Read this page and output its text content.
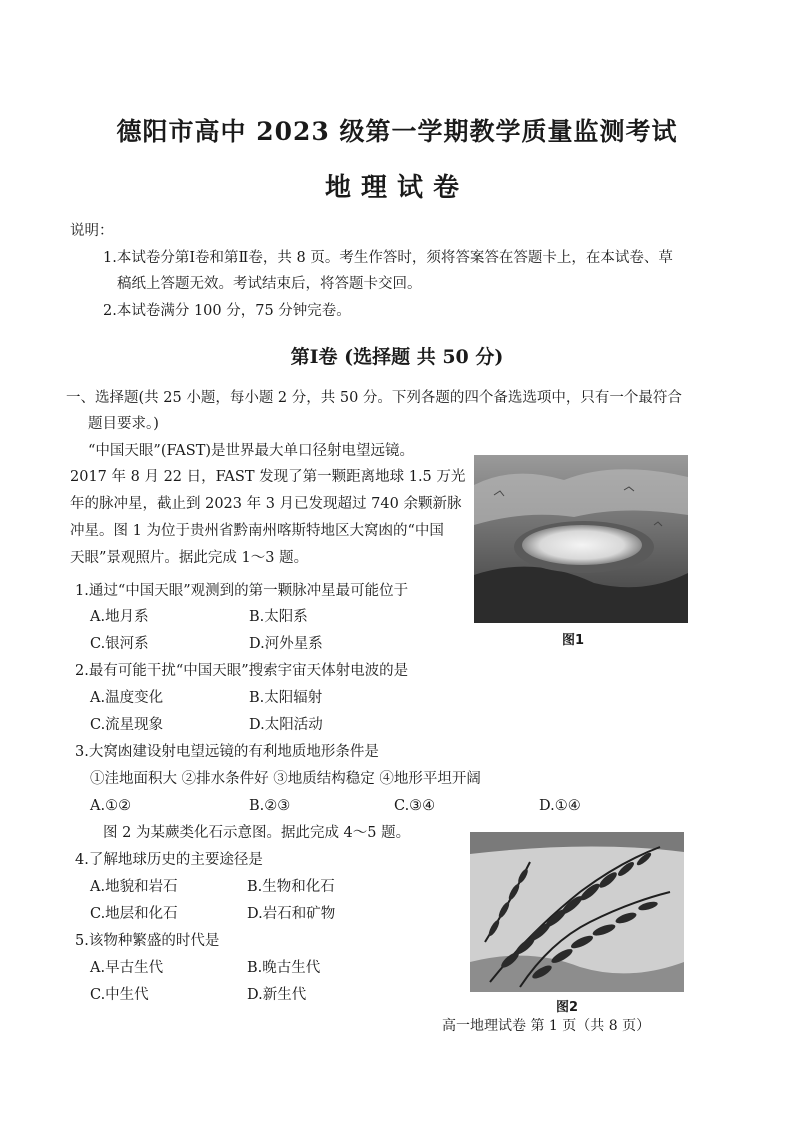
德阳市高中 2023 级第一学期教学质量监测考试
地理试卷
说明：
1.本试卷分第Ⅰ卷和第Ⅱ卷，共 8 页。考生作答时，须将答案答在答题卡上，在本试卷、草
稿纸上答题无效。考试结束后，将答题卡交回。
2.本试卷满分 100 分，75 分钟完卷。
第Ⅰ卷 (选择题 共 50 分)
一、选择题(共 25 小题，每小题 2 分，共 50 分。下列各题的四个备选选项中，只有一个最符合
题目要求。)
“中国天眼”(FAST)是世界最大单口径射电望远镜。
2017 年 8 月 22 日，FAST 发现了第一颗距离地球 1.5 万光
年的脉冲星，截止到 2023 年 3 月已发现超过 740 余颗新脉
冲星。图 1 为位于贵州省黔南州喀斯特地区大窝凼的“中国
天眼”景观照片。据此完成 1～3 题。
图1
1.通过“中国天眼”观测到的第一颗脉冲星最可能位于
A.地月系	B.太阳系
C.银河系	D.河外星系
2.最有可能干扰“中国天眼”搜索宇宙天体射电波的是
A.温度变化	B.太阳辐射
C.流星现象	D.太阳活动
3.大窝凼建设射电望远镜的有利地质地形条件是
①洼地面积大 ②排水条件好 ③地质结构稳定 ④地形平坦开阔
A.①②	B.②③	C.③④	D.①④
图 2 为某蕨类化石示意图。据此完成 4～5 题。
4.了解地球历史的主要途径是
A.地貌和岩石	B.生物和化石
C.地层和化石	D.岩石和矿物
5.该物种繁盛的时代是
A.早古生代	B.晚古生代
C.中生代	D.新生代
图2
高一地理试卷 第 1 页（共 8 页）
